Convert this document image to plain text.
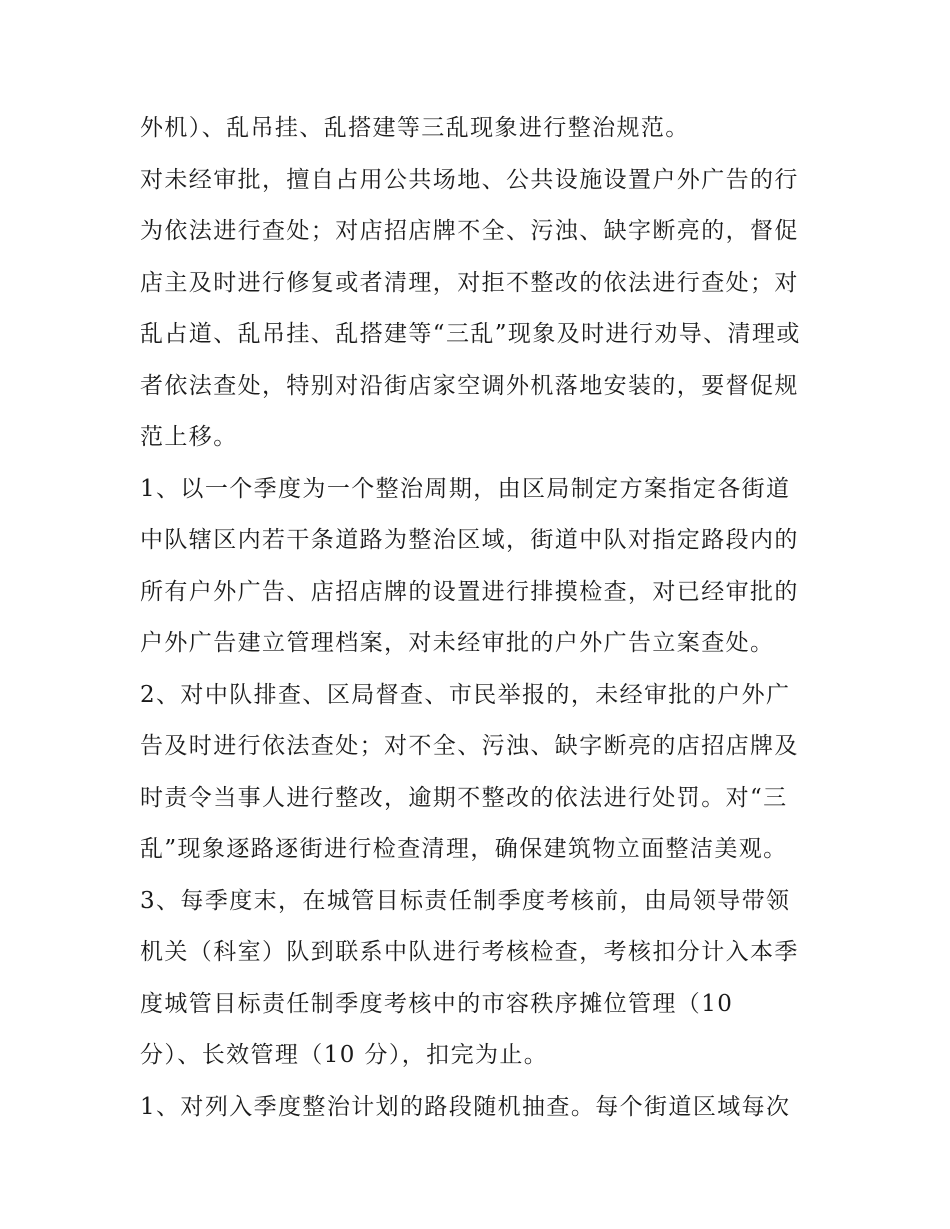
外机）、乱吊挂、乱搭建等三乱现象进行整治规范。
对未经审批，擅自占用公共场地、公共设施设置户外广告的行
为依法进行查处；对店招店牌不全、污浊、缺字断亮的，督促
店主及时进行修复或者清理，对拒不整改的依法进行查处；对
乱占道、乱吊挂、乱搭建等“三乱”现象及时进行劝导、清理或
者依法查处，特别对沿街店家空调外机落地安装的，要督促规
范上移。
1、以一个季度为一个整治周期，由区局制定方案指定各街道
中队辖区内若干条道路为整治区域，街道中队对指定路段内的
所有户外广告、店招店牌的设置进行排摸检查，对已经审批的
户外广告建立管理档案，对未经审批的户外广告立案查处。
2、对中队排查、区局督查、市民举报的，未经审批的户外广
告及时进行依法查处；对不全、污浊、缺字断亮的店招店牌及
时责令当事人进行整改，逾期不整改的依法进行处罚。对“三
乱”现象逐路逐街进行检查清理，确保建筑物立面整洁美观。
3、每季度末，在城管目标责任制季度考核前，由局领导带领
机关（科室）队到联系中队进行考核检查，考核扣分计入本季
度城管目标责任制季度考核中的市容秩序摊位管理（10
分）、长效管理（10 分），扣完为止。
1、对列入季度整治计划的路段随机抽查。每个街道区域每次
